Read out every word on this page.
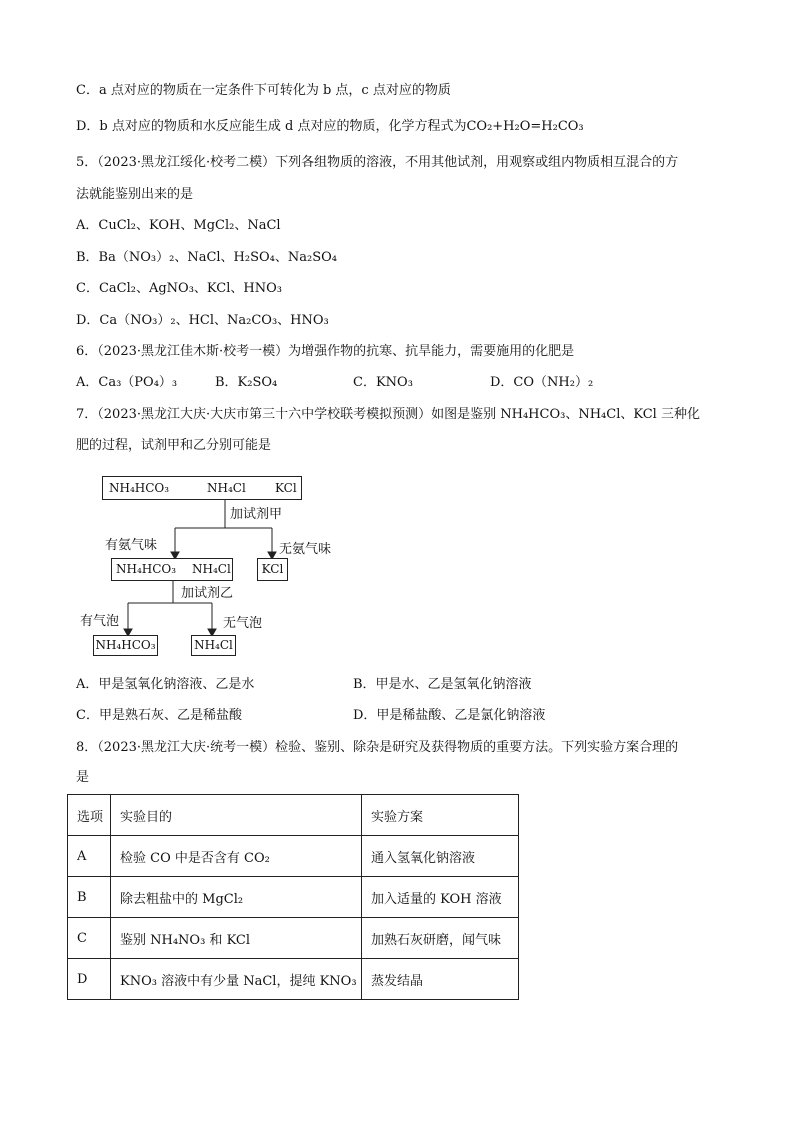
C．a 点对应的物质在一定条件下可转化为 b 点，c 点对应的物质
D．b 点对应的物质和水反应能生成 d 点对应的物质，化学方程式为CO₂+H₂O=H₂CO₃
5．（2023·黑龙江绥化·校考二模）下列各组物质的溶液，不用其他试剂，用观察或组内物质相互混合的方
法就能鉴别出来的是
A．CuCl₂、KOH、MgCl₂、NaCl
B．Ba（NO₃）₂、NaCl、H₂SO₄、Na₂SO₄
C．CaCl₂、AgNO₃、KCl、HNO₃
D．Ca（NO₃）₂、HCl、Na₂CO₃、HNO₃
6．（2023·黑龙江佳木斯·校考一模）为增强作物的抗寒、抗旱能力，需要施用的化肥是
A．Ca₃（PO₄）₃	B．K₂SO₄	C．KNO₃	D．CO（NH₂）₂
7．（2023·黑龙江大庆·大庆市第三十六中学校联考模拟预测）如图是鉴别 NH₄HCO₃、NH₄Cl、KCl 三种化
肥的过程，试剂甲和乙分别可能是
NH₄HCO₃	NH₄Cl KCl
加试剂甲
有氨气味	无氨气味
NH₄HCO₃ NH₄Cl	KCl
加试剂乙
有气泡	无气泡
NH₄HCO₃	NH₄Cl
A．甲是氢氧化钠溶液、乙是水	B．甲是水、乙是氢氧化钠溶液
C．甲是熟石灰、乙是稀盐酸	D．甲是稀盐酸、乙是氯化钠溶液
8．（2023·黑龙江大庆·统考一模）检验、鉴别、除杂是研究及获得物质的重要方法。下列实验方案合理的
是
选项	实验目的	实验方案
A	检验 CO 中是否含有 CO₂	通入氢氧化钠溶液
B	除去粗盐中的 MgCl₂	加入适量的 KOH 溶液
C	鉴别 NH₄NO₃ 和 KCl	加熟石灰研磨，闻气味
D	KNO₃ 溶液中有少量 NaCl，提纯 KNO₃	蒸发结晶
